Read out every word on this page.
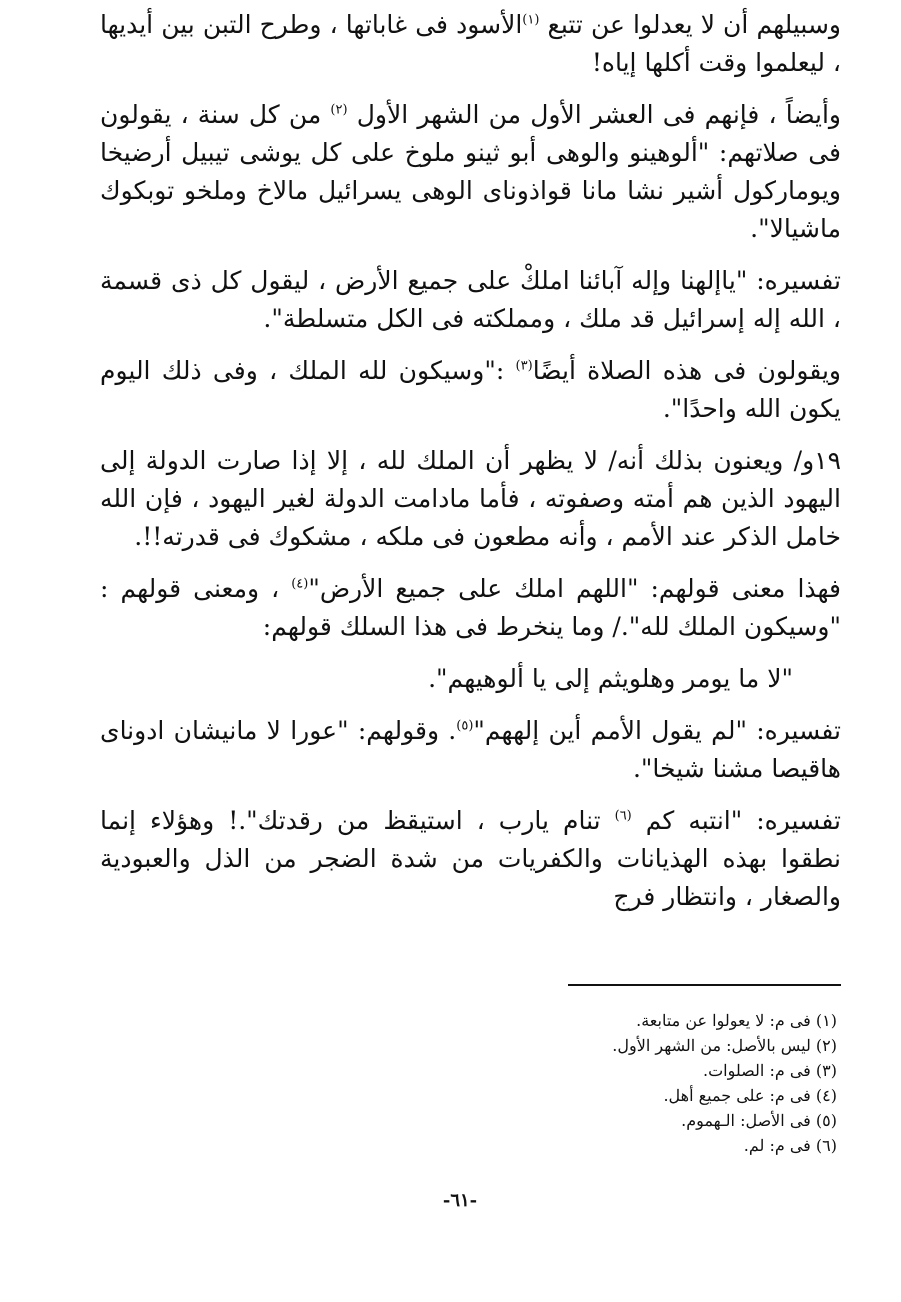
وسبيلهم أن لا يعدلوا عن تتبع $^{(١)}$الأسود فى غاباتها ، وطرح التبن بين أيديها ، ليعلموا وقت أكلها إياه!

وأيضاً ، فإنهم فى العشر الأول من الشهر الأول $^{(٢)}$ من كل سنة ، يقولون فى صلاتهم: "ألوهينو والوهى أبو ثينو ملوخ على كل يوشى تيبيل أرضيخا ويوماركول أشير نشا مانا قواذوناى الوهى يسرائيل مالاخ وملخو توبكوك ماشيالا".

تفسيره: "ياإلهنا وإله آبائنا املكْ على جميع الأرض ، ليقول كل ذى قسمة ، الله إله إسرائيل قد ملك ، ومملكته فى الكل متسلطة".

ويقولون فى هذه الصلاة أيضًا$^{(٣)}$ :"وسيكون لله الملك ، وفى ذلك اليوم يكون الله واحدًا".

١٩و/ ويعنون بذلك أنه/ لا يظهر أن الملك لله ، إلا إذا صارت الدولة إلى اليهود الذين هم أمته وصفوته ، فأما مادامت الدولة لغير اليهود ، فإن الله خامل الذكر عند الأمم ، وأنه مطعون فى ملكه ، مشكوك فى قدرته!!.

فهذا معنى قولهم: "اللهم املك على جميع الأرض"$^{(٤)}$ ، ومعنى قولهم : "وسيكون الملك لله"./ وما ينخرط فى هذا السلك قولهم:

"لا ما يومر وهلويثم إلى يا ألوهيهم".

تفسيره: "لم يقول الأمم أين إلههم"$^{(٥)}$. وقولهم: "عورا لا مانيشان ادوناى هاقيصا مشنا شيخا".

تفسيره: "انتبه كم $^{(٦)}$ تنام يارب ، استيقظ من رقدتك".! وهؤلاء إنما نطقوا بهذه الهذيانات والكفريات من شدة الضجر من الذل والعبودية والصغار ، وانتظار فرج

(١) فى م: لا يعولوا عن متابعة.
(٢) ليس بالأصل: من الشهر الأول.
(٣) فى م: الصلوات.
(٤) فى م: على جميع أهل.
(٥) فى الأصل: الـهموم.
(٦) فى م: لم.
-٦١-
